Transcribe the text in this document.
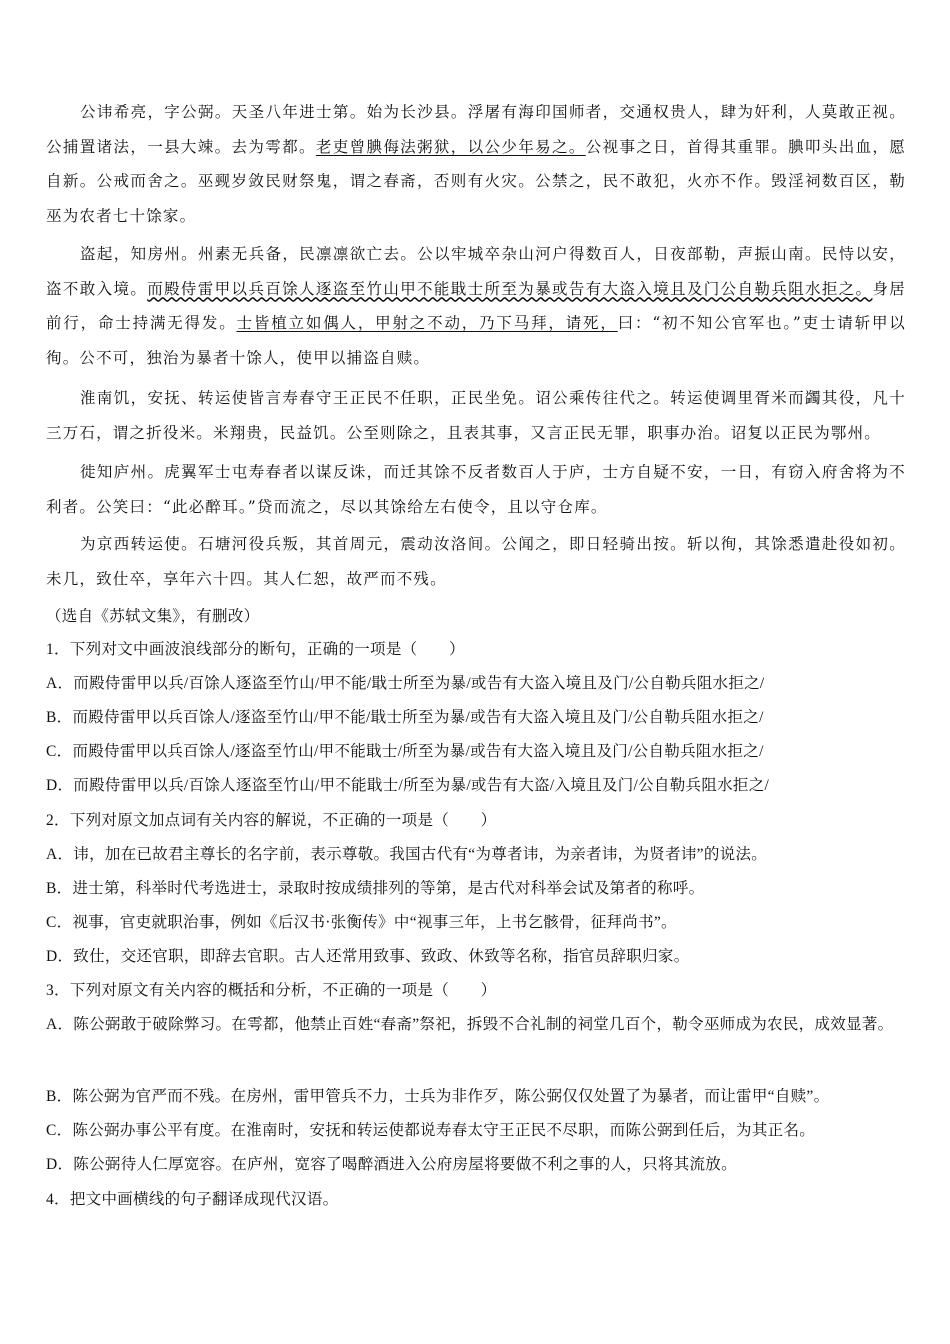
公讳希亮，字公弼。天圣八年进士第。始为长沙县。浮屠有海印国师者，交通权贵人，肆为奸利，人莫敢正视。公捕置诸法，一县大竦。去为雩都。老吏曾腆侮法粥狱，以公少年易之。公视事之日，首得其重罪。腆叩头出血，愿自新。公戒而舍之。巫觋岁敛民财祭鬼，谓之春斋，否则有火灾。公禁之，民不敢犯，火亦不作。毁淫祠数百区，勒巫为农者七十馀家。
盗起，知房州。州素无兵备，民凛凛欲亡去。公以牢城卒杂山河户得数百人，日夜部勒，声振山南。民恃以安，盗不敢入境。而殿侍雷甲以兵百馀人逐盗至竹山甲不能戢士所至为暴或告有大盗入境且及门公自勒兵阻水拒之。身居前行，命士持满无得发。士皆植立如偶人，甲射之不动，乃下马拜，请死，曰：“初不知公官军也。”吏士请斩甲以徇。公不可，独治为暴者十馀人，使甲以捕盗自赎。
淮南饥，安抚、转运使皆言寿春守王正民不任职，正民坐免。诏公乘传往代之。转运使调里胥米而蠲其役，凡十三万石，谓之折役米。米翔贵，民益饥。公至则除之，且表其事，又言正民无罪，职事办治。诏复以正民为鄂州。
徙知庐州。虎翼军士屯寿春者以谋反诛，而迁其馀不反者数百人于庐，士方自疑不安，一日，有窃入府舍将为不利者。公笑曰：“此必醉耳。”贷而流之，尽以其馀给左右使令，且以守仓库。
为京西转运使。石塘河役兵叛，其首周元，震动汝洛间。公闻之，即日轻骑出按。斩以徇，其馀悉遣赴役如初。未几，致仕卒，享年六十四。其人仁恕，故严而不残。
（选自《苏轼文集》，有删改）
1．下列对文中画波浪线部分的断句，正确的一项是（　　）
A．而殿侍雷甲以兵/百馀人逐盗至竹山/甲不能/戢士所至为暴/或告有大盗入境且及门/公自勒兵阻水拒之/
B．而殿侍雷甲以兵百馀人/逐盗至竹山/甲不能/戢士所至为暴/或告有大盗入境且及门/公自勒兵阻水拒之/
C．而殿侍雷甲以兵百馀人/逐盗至竹山/甲不能戢士/所至为暴/或告有大盗入境且及门/公自勒兵阻水拒之/
D．而殿侍雷甲以兵/百馀人逐盗至竹山/甲不能戢士/所至为暴/或告有大盗/入境且及门/公自勒兵阻水拒之/
2．下列对原文加点词有关内容的解说，不正确的一项是（　　）
A．讳，加在已故君主尊长的名字前，表示尊敬。我国古代有“为尊者讳，为亲者讳，为贤者讳”的说法。
B．进士第，科举时代考选进士，录取时按成绩排列的等第，是古代对科举会试及第者的称呼。
C．视事，官吏就职治事，例如《后汉书·张衡传》中“视事三年，上书乞骸骨，征拜尚书”。
D．致仕，交还官职，即辞去官职。古人还常用致事、致政、休致等名称，指官员辞职归家。
3．下列对原文有关内容的概括和分析，不正确的一项是（　　）
A．陈公弼敢于破除弊习。在雩都，他禁止百姓“春斋”祭祀，拆毁不合礼制的祠堂几百个，勒令巫师成为农民，成效显著。
B．陈公弼为官严而不残。在房州，雷甲管兵不力，士兵为非作歹，陈公弼仅仅处置了为暴者，而让雷甲“自赎”。
C．陈公弼办事公平有度。在淮南时，安抚和转运使都说寿春太守王正民不尽职，而陈公弼到任后，为其正名。
D．陈公弼待人仁厚宽容。在庐州，宽容了喝醉酒进入公府房屋将要做不利之事的人，只将其流放。
4．把文中画横线的句子翻译成现代汉语。
